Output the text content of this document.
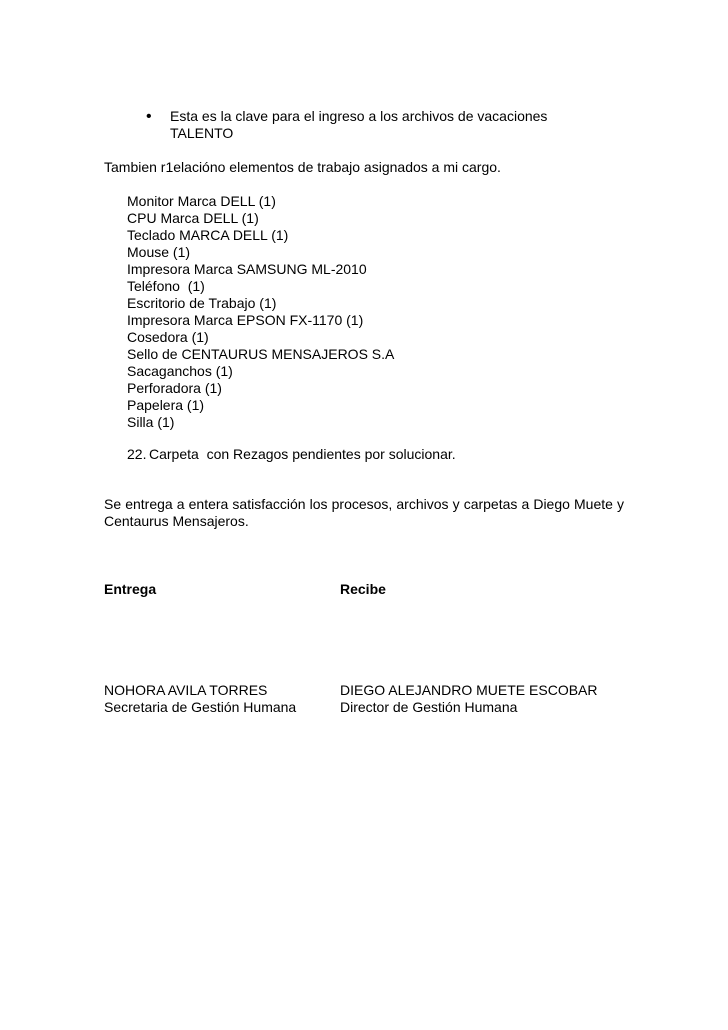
• Esta es la clave para el ingreso a los archivos de vacaciones
TALENTO
Tambien r1elacióno elementos de trabajo asignados a mi cargo.
Monitor Marca DELL (1)
CPU Marca DELL (1)
Teclado MARCA DELL (1)
Mouse (1)
Impresora Marca SAMSUNG ML-2010
Teléfono  (1)
Escritorio de Trabajo (1)
Impresora Marca EPSON FX-1170 (1)
Cosedora (1)
Sello de CENTAURUS MENSAJEROS S.A
Sacaganchos (1)
Perforadora (1)
Papelera (1)
Silla (1)
22. Carpeta  con Rezagos pendientes por solucionar.
Se entrega a entera satisfacción los procesos, archivos y carpetas a Diego Muete y Centaurus Mensajeros.
Entrega	Recibe
NOHORA AVILA TORRES	DIEGO ALEJANDRO MUETE ESCOBAR
Secretaria de Gestión Humana	Director de Gestión Humana
